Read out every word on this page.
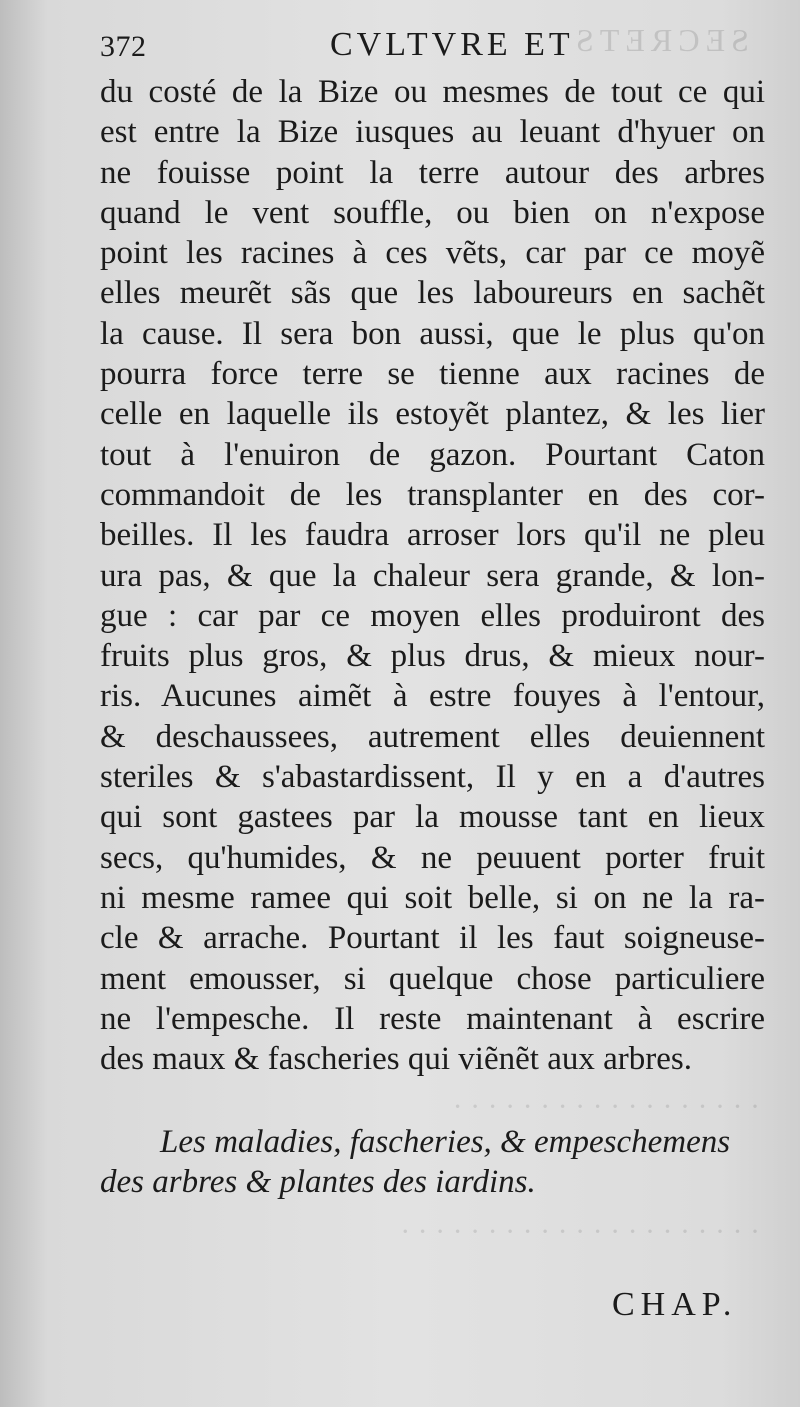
372	CVLTVRE ET
SECRETS
du costé de la Bize ou mesmes de tout ce qui
est entre la Bize iusques au leuant d'hyuer on
ne fouisse point la terre autour des arbres
quand le vent souffle, ou bien on n'expose
point les racines à ces vẽts, car par ce moyẽ
elles meurẽt sãs que les laboureurs en sachẽt
la cause. Il sera bon aussi, que le plus qu'on
pourra force terre se tienne aux racines de
celle en laquelle ils estoyẽt plantez, & les lier
tout à l'enuiron de gazon. Pourtant Caton
commandoit de les transplanter en des cor-
beilles. Il les faudra arroser lors qu'il ne pleu
ura pas, & que la chaleur sera grande, & lon-
gue : car par ce moyen elles produiront des
fruits plus gros, & plus drus, & mieux nour-
ris. Aucunes aimẽt à estre fouyes à l'entour,
& deschaussees, autrement elles deuiennent
steriles & s'abastardissent, Il y en a d'autres
qui sont gastees par la mousse tant en lieux
secs, qu'humides, & ne peuuent porter fruit
ni mesme ramee qui soit belle, si on ne la ra-
cle & arrache. Pourtant il les faut soigneuse-
ment emousser, si quelque chose particuliere
ne l'empesche. Il reste maintenant à escrire
des maux & fascheries qui viẽnẽt aux arbres.
· · · · · · · · · · · · · · · · · ·
· · · · · · · · · · · · · · · · · · · · ·
Les maladies, fascheries, & empeschemens
des arbres & plantes des iardins.
CHAP.
